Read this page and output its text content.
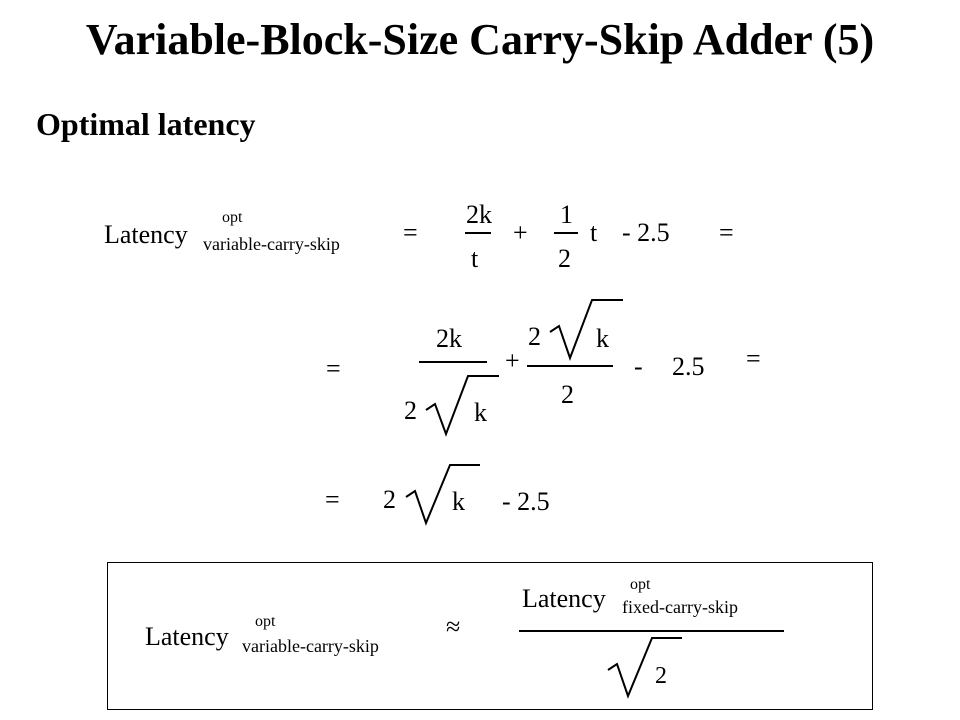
Variable-Block-Size Carry-Skip Adder (5)
Optimal latency
Latency
opt
variable-carry-skip =
2k
t
+
1
2
t - 2.5 =
=
2k
2 k
+
2 k
2
- 2.5 =
= 2 k - 2.5
Latency
opt
variable-carry-skip
≈
Latency opt
fixed-carry-skip
2
